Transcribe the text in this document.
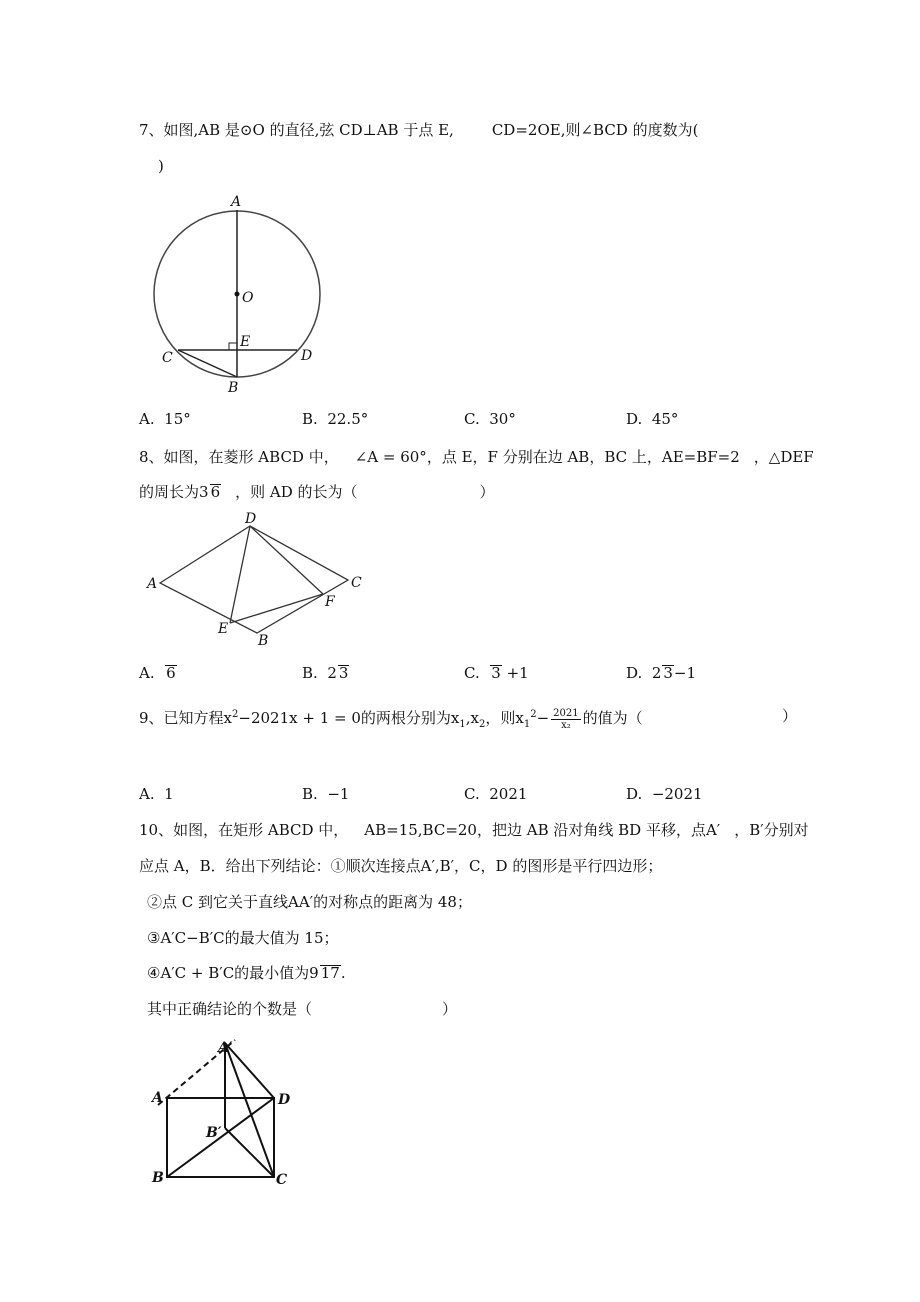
7、如图,AB 是⊙O 的直径,弦 CD⊥AB 于点 E,	CD=2OE,则∠BCD 的度数为(
)
A
O
E
C	D
B
A. 15°	B. 22.5°	C. 30°	D. 45°
8、如图，在菱形 ABCD 中， ∠A = 60°，点 E，F 分别在边 AB，BC 上，AE=BF=2 ，△DEF
的周长为3 6 ，则 AD 的长为（	）
A
D
C
F
E
B
A. 6	B. 2 3	C. 3 +1	D. 2 3−1
9、已知方程$x^2-2021x + 1 = 0$的两根分别为$x_1,x_2$，则$x_1^2- \frac{2021}{\text{x₂}}$ 的值为（	）
A. 1	B. −1	C. 2021	D. −2021
10、如图，在矩形 ABCD 中， AB=15,BC=20，把边 AB 沿对角线 BD 平移，点A′ ，B′分别对
应点 A，B．给出下列结论：①顺次连接点A′,B′，C，D 的图形是平行四边形；
②点 C 到它关于直线AA′的对称点的距离为 48；
③A′C−B′C的最大值为 15；
④A′C + B′C的最小值为9 17.
其中正确结论的个数是（	）
A′
A	D
B′
B	C
